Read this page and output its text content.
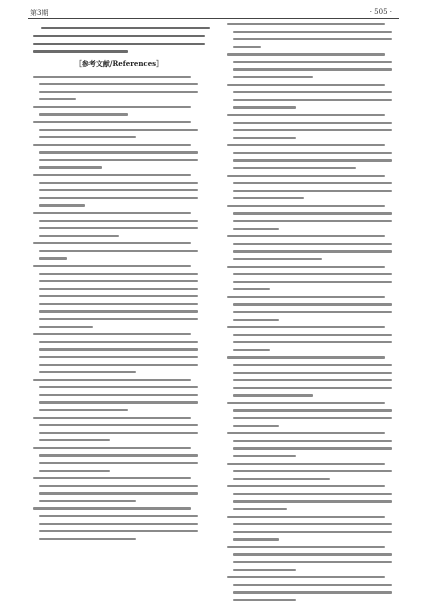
第3期	· 505 ·
［参考文献/References］
